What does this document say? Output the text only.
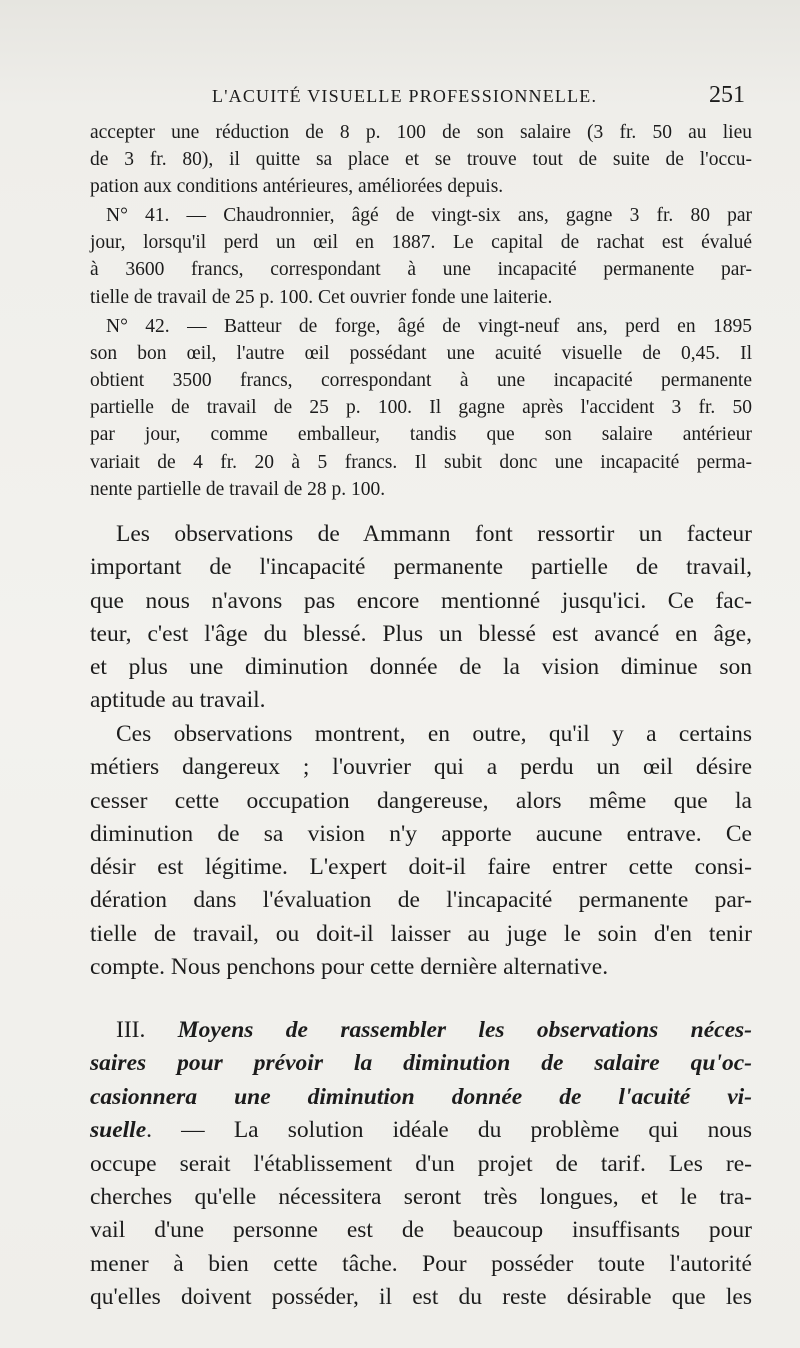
L'ACUITÉ VISUELLE PROFESSIONNELLE.	251
accepter une réduction de 8 p. 100 de son salaire (3 fr. 50 au lieu
de 3 fr. 80), il quitte sa place et se trouve tout de suite de l'occu-
pation aux conditions antérieures, améliorées depuis.
N° 41. — Chaudronnier, âgé de vingt-six ans, gagne 3 fr. 80 par
jour, lorsqu'il perd un œil en 1887. Le capital de rachat est évalué
à 3600 francs, correspondant à une incapacité permanente par-
tielle de travail de 25 p. 100. Cet ouvrier fonde une laiterie.
N° 42. — Batteur de forge, âgé de vingt-neuf ans, perd en 1895
son bon œil, l'autre œil possédant une acuité visuelle de 0,45. Il
obtient 3500 francs, correspondant à une incapacité permanente
partielle de travail de 25 p. 100. Il gagne après l'accident 3 fr. 50
par jour, comme emballeur, tandis que son salaire antérieur
variait de 4 fr. 20 à 5 francs. Il subit donc une incapacité perma-
nente partielle de travail de 28 p. 100.
Les observations de Ammann font ressortir un facteur
important de l'incapacité permanente partielle de travail,
que nous n'avons pas encore mentionné jusqu'ici. Ce fac-
teur, c'est l'âge du blessé. Plus un blessé est avancé en âge,
et plus une diminution donnée de la vision diminue son
aptitude au travail.
Ces observations montrent, en outre, qu'il y a certains
métiers dangereux ; l'ouvrier qui a perdu un œil désire
cesser cette occupation dangereuse, alors même que la
diminution de sa vision n'y apporte aucune entrave. Ce
désir est légitime. L'expert doit-il faire entrer cette consi-
dération dans l'évaluation de l'incapacité permanente par-
tielle de travail, ou doit-il laisser au juge le soin d'en tenir
compte. Nous penchons pour cette dernière alternative.
III. Moyens de rassembler les observations néces-
saires pour prévoir la diminution de salaire qu'oc-
casionnera une diminution donnée de l'acuité vi-
suelle. — La solution idéale du problème qui nous
occupe serait l'établissement d'un projet de tarif. Les re-
cherches qu'elle nécessitera seront très longues, et le tra-
vail d'une personne est de beaucoup insuffisants pour
mener à bien cette tâche. Pour posséder toute l'autorité
qu'elles doivent posséder, il est du reste désirable que les
